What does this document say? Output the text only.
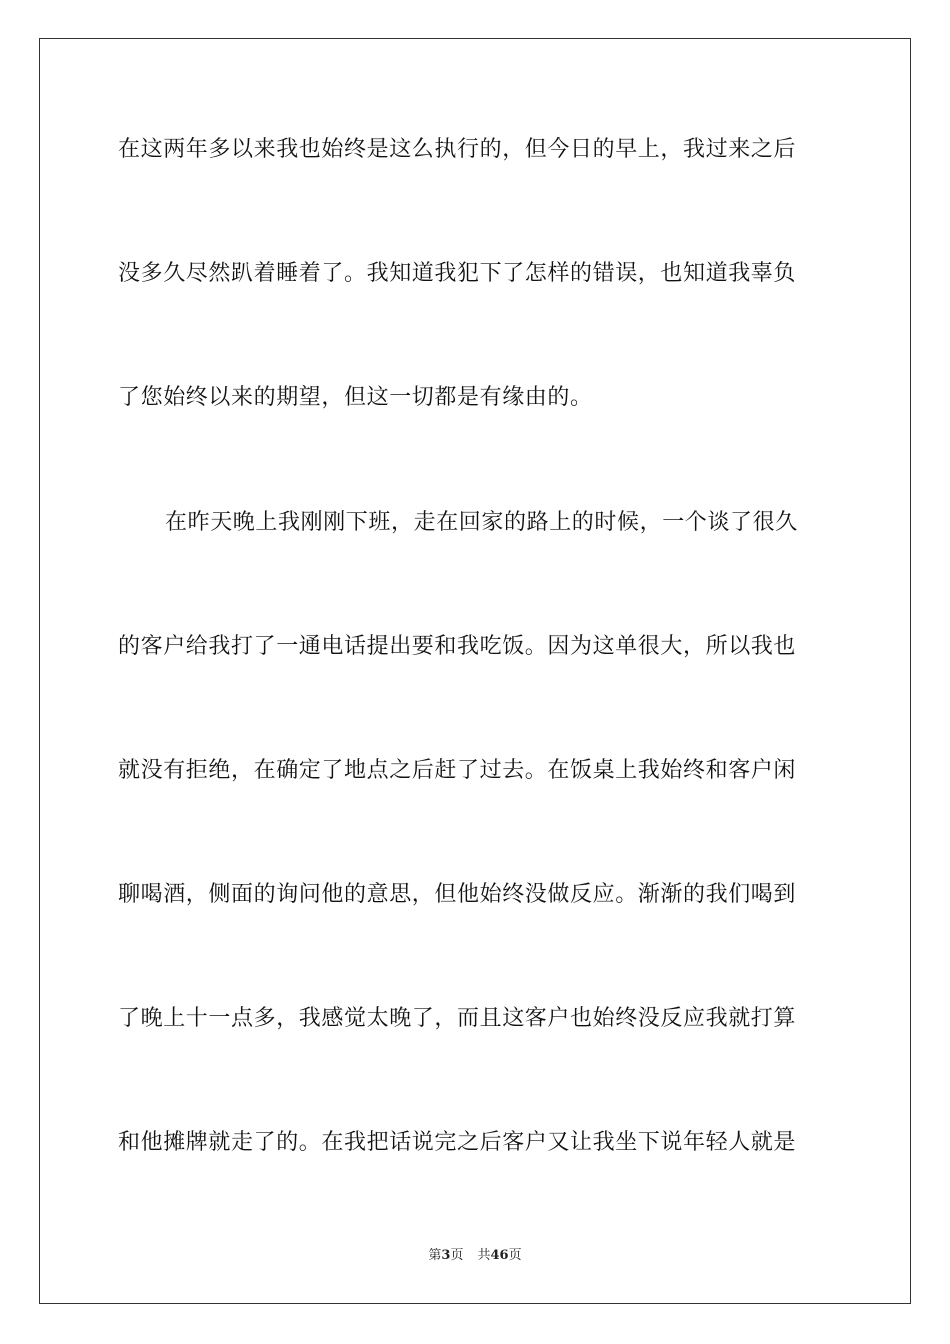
在这两年多以来我也始终是这么执行的，但今日的早上，我过来之后
没多久尽然趴着睡着了。我知道我犯下了怎样的错误，也知道我辜负
了您始终以来的期望，但这一切都是有缘由的。
在昨天晚上我刚刚下班，走在回家的路上的时候，一个谈了很久
的客户给我打了一通电话提出要和我吃饭。因为这单很大，所以我也
就没有拒绝，在确定了地点之后赶了过去。在饭桌上我始终和客户闲
聊喝酒，侧面的询问他的意思，但他始终没做反应。渐渐的我们喝到
了晚上十一点多，我感觉太晚了，而且这客户也始终没反应我就打算
和他摊牌就走了的。在我把话说完之后客户又让我坐下说年轻人就是
第3页 共46页
